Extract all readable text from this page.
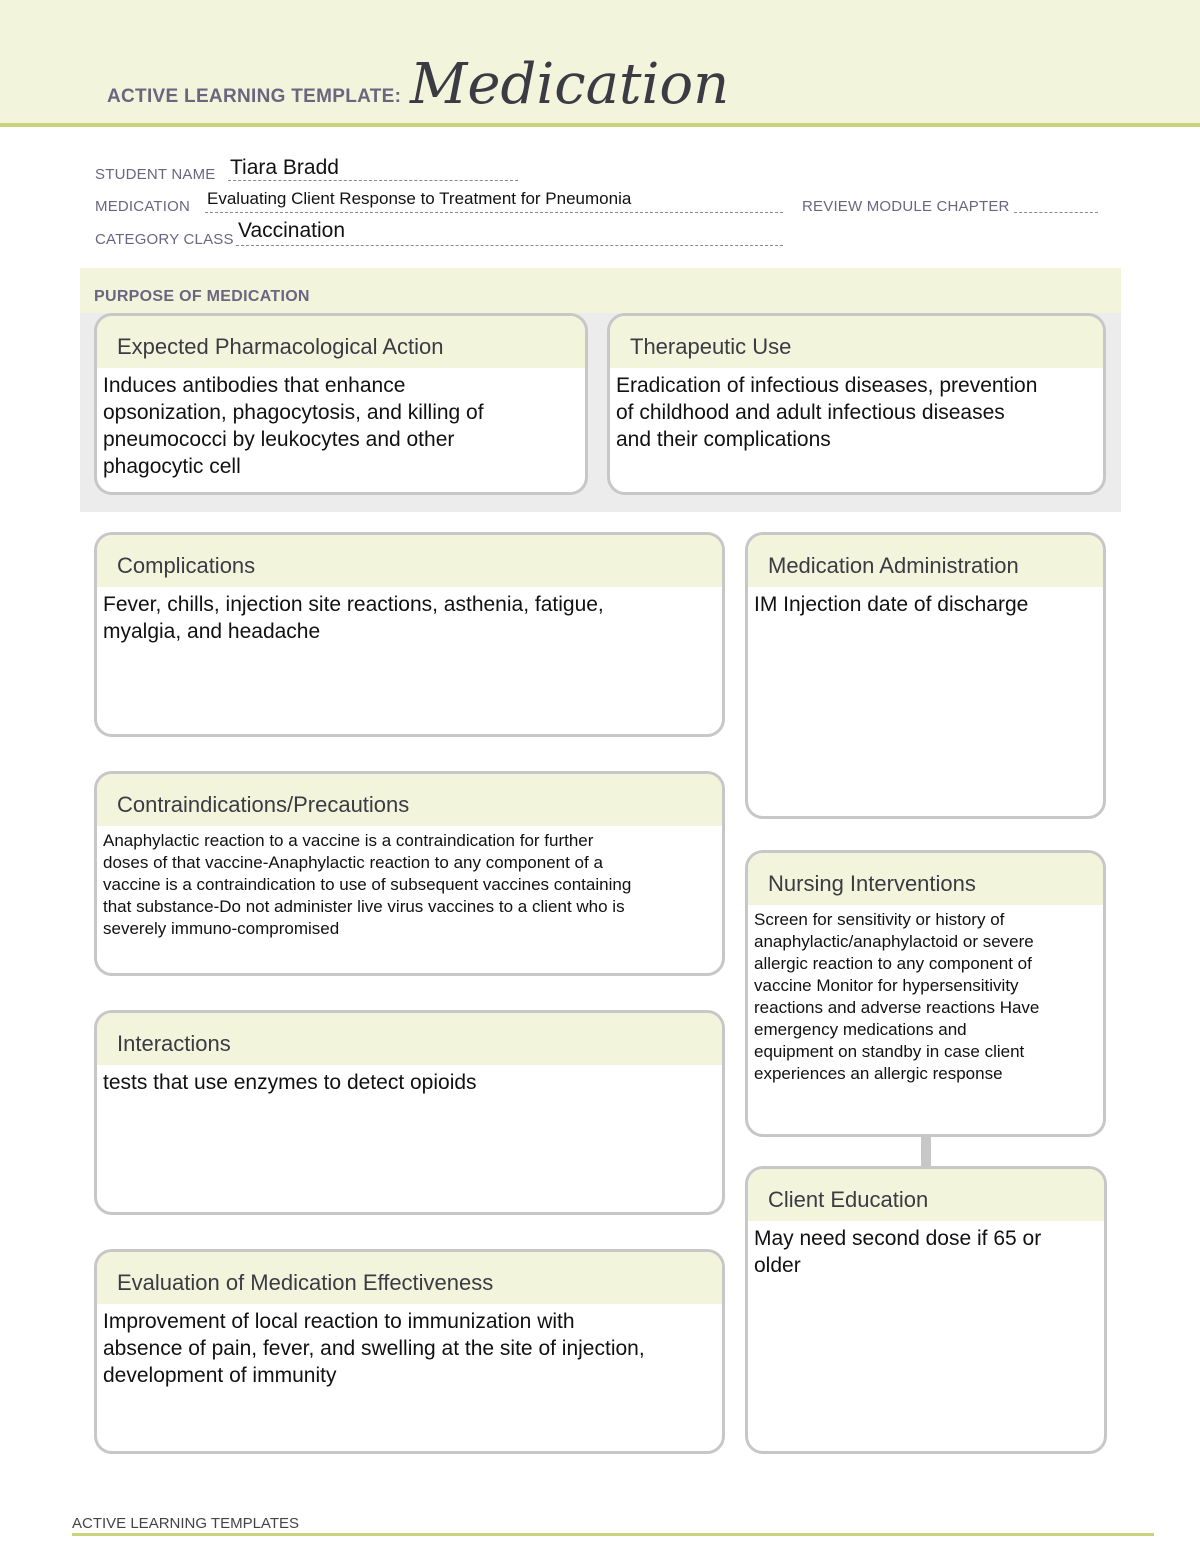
ACTIVE LEARNING TEMPLATE: Medication
STUDENT NAME Tiara Bradd
MEDICATION Evaluating Client Response to Treatment for Pneumonia	REVIEW MODULE CHAPTER
CATEGORY CLASS Vaccination
PURPOSE OF MEDICATION
Expected Pharmacological Action
Induces antibodies that enhance
opsonization, phagocytosis, and killing of
pneumococci by leukocytes and other
phagocytic cell
Therapeutic Use
Eradication of infectious diseases, prevention
of childhood and adult infectious diseases
and their complications
Complications
Fever, chills, injection site reactions, asthenia, fatigue,
myalgia, and headache
Contraindications/Precautions
Anaphylactic reaction to a vaccine is a contraindication for further
doses of that vaccine-Anaphylactic reaction to any component of a
vaccine is a contraindication to use of subsequent vaccines containing
that substance-Do not administer live virus vaccines to a client who is
severely immuno-compromised
Interactions
tests that use enzymes to detect opioids
Evaluation of Medication Effectiveness
Improvement of local reaction to immunization with
absence of pain, fever, and swelling at the site of injection,
development of immunity
Medication Administration
IM Injection date of discharge
Nursing Interventions
Screen for sensitivity or history of
anaphylactic/anaphylactoid or severe
allergic reaction to any component of
vaccine Monitor for hypersensitivity
reactions and adverse reactions Have
emergency medications and
equipment on standby in case client
experiences an allergic response
Client Education
May need second dose if 65 or
older
ACTIVE LEARNING TEMPLATES
